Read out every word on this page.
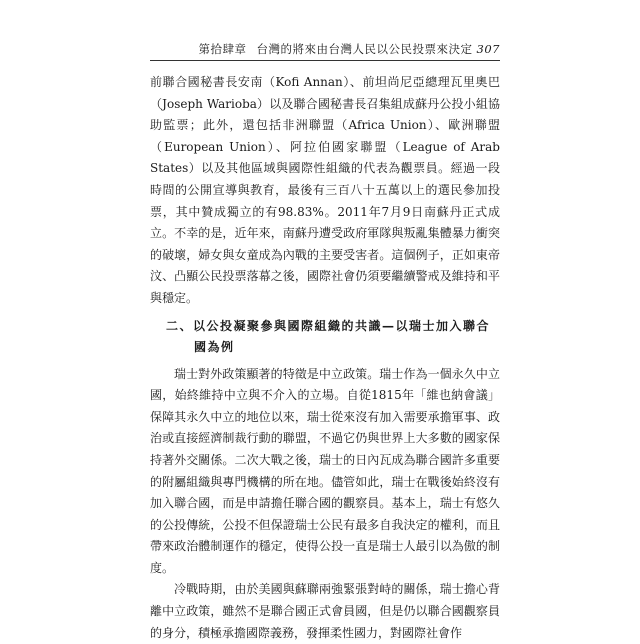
第拾肆章 台灣的將來由台灣人民以公民投票來決定 307

前聯合國秘書長安南（Kofi Annan）、前坦尚尼亞總理瓦里奧巴（Joseph Warioba）以及聯合國秘書長召集組成蘇丹公投小組協助監票；此外，還包括非洲聯盟（Africa Union）、歐洲聯盟（European Union）、阿拉伯國家聯盟（League of Arab States）以及其他區域與國際性組織的代表為觀票員。經過一段時間的公開宣導與教育，最後有三百八十五萬以上的選民參加投票，其中贊成獨立的有98.83%。2011年7月9日南蘇丹正式成立。不幸的是，近年來，南蘇丹遭受政府軍隊與叛亂集體暴力衝突的破壞，婦女與女童成為內戰的主要受害者。這個例子，正如東帝汶、凸顯公民投票落幕之後，國際社會仍須要繼續警戒及維持和平與穩定。

二、以公投凝聚參與國際組織的共識—以瑞士加入聯合
國為例

瑞士對外政策顯著的特徵是中立政策。瑞士作為一個永久中立國，始終維持中立與不介入的立場。自從1815年「維也納會議」保障其永久中立的地位以來，瑞士從來沒有加入需要承擔軍事、政治或直接經濟制裁行動的聯盟，不過它仍與世界上大多數的國家保持著外交關係。二次大戰之後，瑞士的日內瓦成為聯合國許多重要的附屬組織與專門機構的所在地。儘管如此，瑞士在戰後始終沒有加入聯合國，而是申請擔任聯合國的觀察員。基本上，瑞士有悠久的公投傳統，公投不但保證瑞士公民有最多自我決定的權利，而且帶來政治體制運作的穩定，使得公投一直是瑞士人最引以為傲的制度。

冷戰時期，由於美國與蘇聯兩強緊張對峙的關係，瑞士擔心背離中立政策，雖然不是聯合國正式會員國，但是仍以聯合國觀察員的身分，積極承擔國際義務，發揮柔性國力，對國際社會作
